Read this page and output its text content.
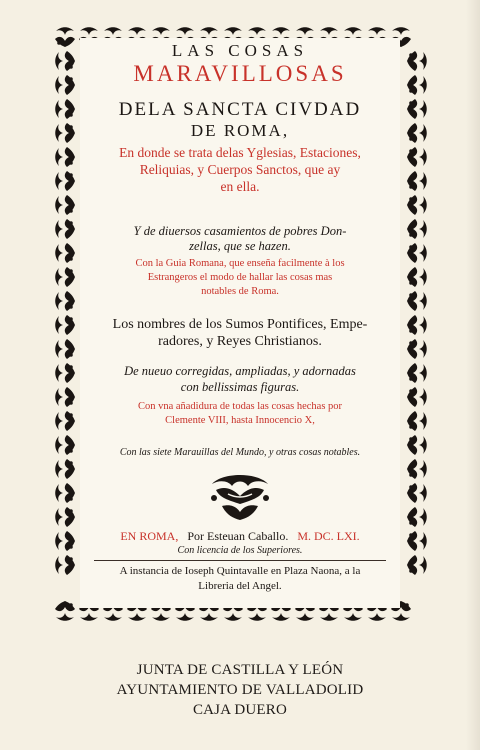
LAS COSAS
MARAVILLOSAS
DELA SANCTA CIVDAD
DE ROMA,
En donde se trata delas Yglesias, Estaciones,
Reliquias, y Cuerpos Sanctos, que ay
en ella.
Y de diuersos casamientos de pobres Don-
zellas, que se hazen.
Con la Guia Romana, que enseña facilmente à los
Estrangeros el modo de hallar las cosas mas
notables de Roma.
Los nombres de los Sumos Pontifices, Empe-
radores, y Reyes Christianos.
De nueuo corregidas, ampliadas, y adornadas
con bellissimas figuras.
Con vna añadidura de todas las cosas hechas por
Clemente VIII, hasta Innocencio X,
Con las siete Marauillas del Mundo, y otras cosas notables.
EN ROMA, Por Esteuan Caballo. M. DC. LXI.
Con licencia de los Superiores.
A instancia de Ioseph Quintavalle en Plaza Naona, a la
Libreria del Angel.
JUNTA DE CASTILLA Y LEÓN
AYUNTAMIENTO DE VALLADOLID
CAJA DUERO
